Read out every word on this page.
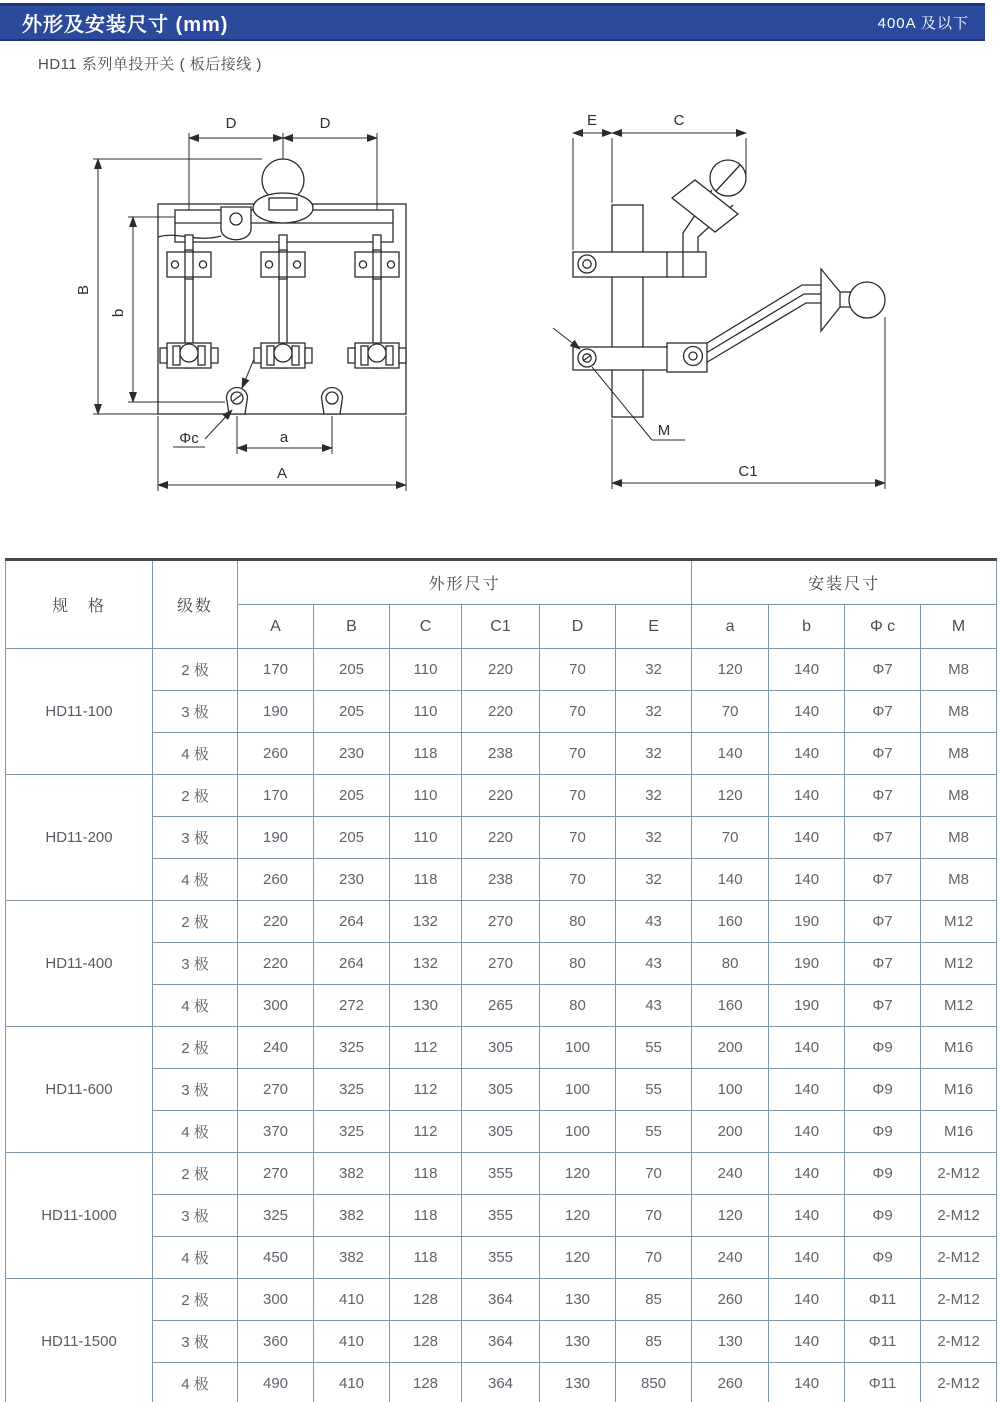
外形及安装尺寸 (mm)	400A 及以下
HD11 系列单投开关 ( 板后接线 )
D	D
B
b
Φc	a
A
E	C
M
C1
规　格	级数	外形尺寸						安装尺寸			
		A	B	C	C1	D	E	a	b	Φ c	M
HD11-100	2 极	170	205	110	220	70	32	120	140	Φ7	M8
	3 极	190	205	110	220	70	32	70	140	Φ7	M8
	4 极	260	230	118	238	70	32	140	140	Φ7	M8
HD11-200	2 极	170	205	110	220	70	32	120	140	Φ7	M8
	3 极	190	205	110	220	70	32	70	140	Φ7	M8
	4 极	260	230	118	238	70	32	140	140	Φ7	M8
HD11-400	2 极	220	264	132	270	80	43	160	190	Φ7	M12
	3 极	220	264	132	270	80	43	80	190	Φ7	M12
	4 极	300	272	130	265	80	43	160	190	Φ7	M12
HD11-600	2 极	240	325	112	305	100	55	200	140	Φ9	M16
	3 极	270	325	112	305	100	55	100	140	Φ9	M16
	4 极	370	325	112	305	100	55	200	140	Φ9	M16
HD11-1000	2 极	270	382	118	355	120	70	240	140	Φ9	2-M12
	3 极	325	382	118	355	120	70	120	140	Φ9	2-M12
	4 极	450	382	118	355	120	70	240	140	Φ9	2-M12
HD11-1500	2 极	300	410	128	364	130	85	260	140	Φ11	2-M12
	3 极	360	410	128	364	130	85	130	140	Φ11	2-M12
	4 极	490	410	128	364	130	850	260	140	Φ11	2-M12
